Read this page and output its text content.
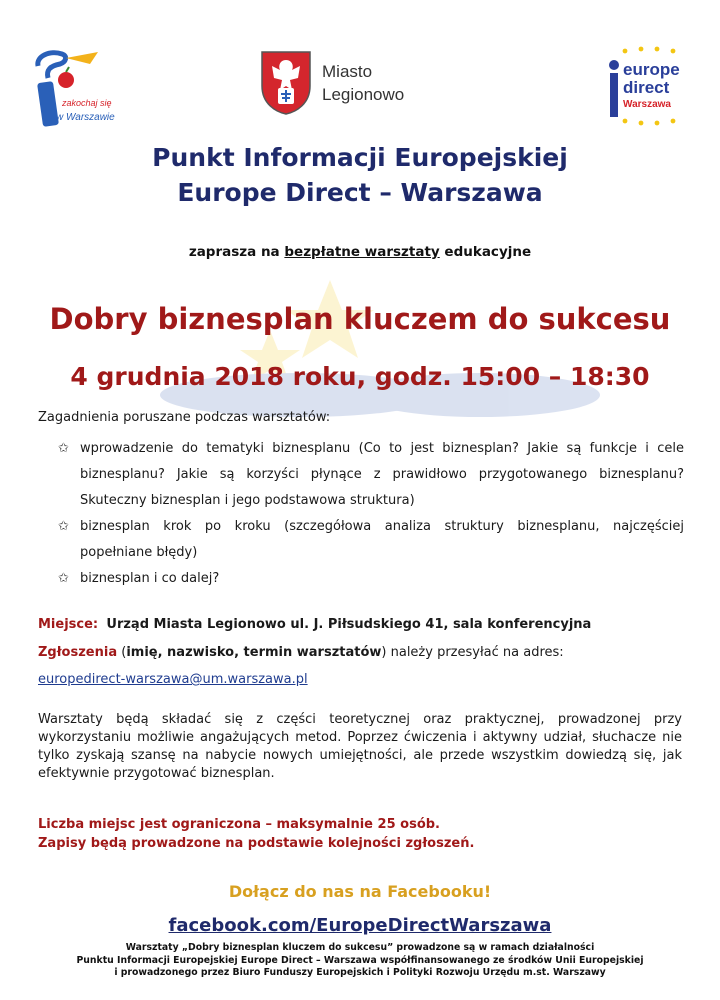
zakochaj się
w Warszawie
Miasto
Legionowo
europe
direct
Warszawa
Punkt Informacji Europejskiej
Europe Direct – Warszawa
zaprasza na bezpłatne warsztaty edukacyjne
Dobry biznesplan kluczem do sukcesu
4 grudnia 2018 roku, godz. 15:00 – 18:30
Zagadnienia poruszane podczas warsztatów:
✩ wprowadzenie do tematyki biznesplanu (Co to jest biznesplan? Jakie są funkcje i cele biznesplanu? Jakie są korzyści płynące z prawidłowo przygotowanego biznesplanu? Skuteczny biznesplan i jego podstawowa struktura)
✩ biznesplan krok po kroku (szczegółowa analiza struktury biznesplanu, najczęściej popełniane błędy)
✩ biznesplan i co dalej?
Miejsce: Urząd Miasta Legionowo ul. J. Piłsudskiego 41, sala konferencyjna
Zgłoszenia (imię, nazwisko, termin warsztatów) należy przesyłać na adres:
europedirect-warszawa@um.warszawa.pl
Warsztaty będą składać się z części teoretycznej oraz praktycznej, prowadzonej przy wykorzystaniu możliwie angażujących metod. Poprzez ćwiczenia i aktywny udział, słuchacze nie tylko zyskają szansę na nabycie nowych umiejętności, ale przede wszystkim dowiedzą się, jak efektywnie przygotować biznesplan.
Liczba miejsc jest ograniczona – maksymalnie 25 osób.
Zapisy będą prowadzone na podstawie kolejności zgłoszeń.
Dołącz do nas na Facebooku!
facebook.com/EuropeDirectWarszawa
Warsztaty „Dobry biznesplan kluczem do sukcesu” prowadzone są w ramach działalności
Punktu Informacji Europejskiej Europe Direct – Warszawa współfinansowanego ze środków Unii Europejskiej
i prowadzonego przez Biuro Funduszy Europejskich i Polityki Rozwoju Urzędu m.st. Warszawy
